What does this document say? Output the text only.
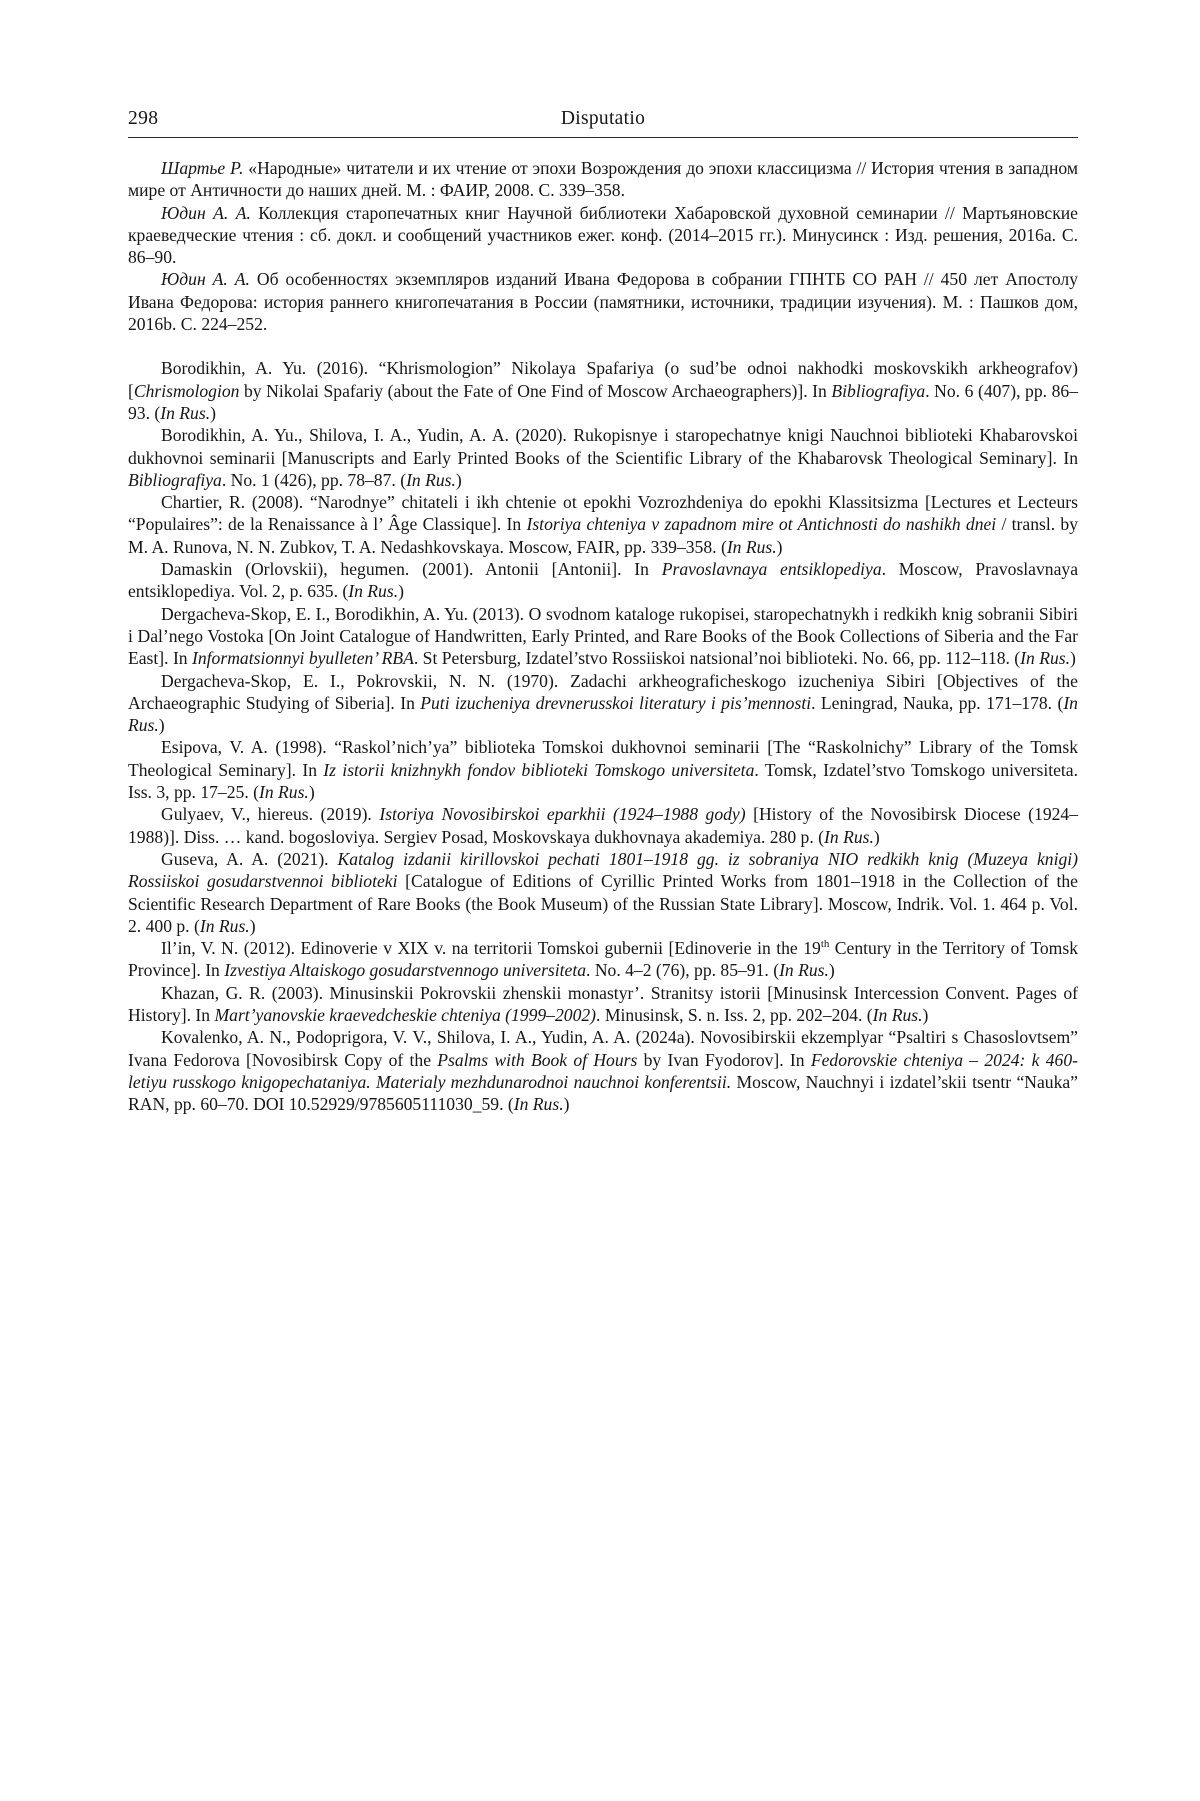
298	Disputatio

Шартье Р. «Народные» читатели и их чтение от эпохи Возрождения до эпохи классицизма // История чтения в западном мире от Античности до наших дней. М. : ФАИР, 2008. С. 339–358.

Юдин А. А. Коллекция старопечатных книг Научной библиотеки Хабаровской духовной семинарии // Мартьяновские краеведческие чтения : сб. докл. и сообщений участников ежег. конф. (2014–2015 гг.). Минусинск : Изд. решения, 2016a. С. 86–90.

Юдин А. А. Об особенностях экземпляров изданий Ивана Федорова в собрании ГПНТБ СО РАН // 450 лет Апостолу Ивана Федорова: история раннего книгопечатания в России (памятники, источники, традиции изучения). М. : Пашков дом, 2016b. С. 224–252.

Borodikhin, A. Yu. (2016). “Khrismologion” Nikolaya Spafariya (o sud’be odnoi nakhodki moskovskikh arkheografov) [Chrismologion by Nikolai Spafariy (about the Fate of One Find of Moscow Archaeographers)]. In Bibliografiya. No. 6 (407), pp. 86–93. (In Rus.)

Borodikhin, A. Yu., Shilova, I. A., Yudin, A. A. (2020). Rukopisnye i staropechatnye knigi Nauchnoi biblioteki Khabarovskoi dukhovnoi seminarii [Manuscripts and Early Printed Books of the Scientific Library of the Khabarovsk Theological Seminary]. In Bibliografiya. No. 1 (426), pp. 78–87. (In Rus.)

Chartier, R. (2008). “Narodnye” chitateli i ikh chtenie ot epokhi Vozrozhdeniya do epokhi Klassitsizma [Lectures et Lecteurs “Populaires”: de la Renaissance à l’ Âge Classique]. In Istoriya chteniya v zapadnom mire ot Antichnosti do nashikh dnei / transl. by M. A. Runova, N. N. Zubkov, T. A. Nedashkovskaya. Moscow, FAIR, pp. 339–358. (In Rus.)

Damaskin (Orlovskii), hegumen. (2001). Antonii [Antonii]. In Pravoslavnaya entsiklopediya. Moscow, Pravoslavnaya entsiklopediya. Vol. 2, p. 635. (In Rus.)

Dergacheva-Skop, E. I., Borodikhin, A. Yu. (2013). O svodnom kataloge rukopisei, staropechatnykh i redkikh knig sobranii Sibiri i Dal’nego Vostoka [On Joint Catalogue of Handwritten, Early Printed, and Rare Books of the Book Collections of Siberia and the Far East]. In Informatsionnyi byulleten’ RBA. St Petersburg, Izdatel’stvo Rossiiskoi natsional’noi biblioteki. No. 66, pp. 112–118. (In Rus.)

Dergacheva-Skop, E. I., Pokrovskii, N. N. (1970). Zadachi arkheograficheskogo izucheniya Sibiri [Objectives of the Archaeographic Studying of Siberia]. In Puti izucheniya drevnerusskoi literatury i pis’mennosti. Leningrad, Nauka, pp. 171–178. (In Rus.)

Esipova, V. A. (1998). “Raskol’nich’ya” biblioteka Tomskoi dukhovnoi seminarii [The “Raskolnichy” Library of the Tomsk Theological Seminary]. In Iz istorii knizhnykh fondov biblioteki Tomskogo universiteta. Tomsk, Izdatel’stvo Tomskogo universiteta. Iss. 3, pp. 17–25. (In Rus.)

Gulyaev, V., hiereus. (2019). Istoriya Novosibirskoi eparkhii (1924–1988 gody) [History of the Novosibirsk Diocese (1924–1988)]. Diss. … kand. bogosloviya. Sergiev Posad, Moskovskaya dukhovnaya akademiya. 280 p. (In Rus.)

Guseva, A. A. (2021). Katalog izdanii kirillovskoi pechati 1801–1918 gg. iz sobraniya NIO redkikh knig (Muzeya knigi) Rossiiskoi gosudarstvennoi biblioteki [Catalogue of Editions of Cyrillic Printed Works from 1801–1918 in the Collection of the Scientific Research Department of Rare Books (the Book Museum) of the Russian State Library]. Moscow, Indrik. Vol. 1. 464 p. Vol. 2. 400 p. (In Rus.)

Il’in, V. N. (2012). Edinoverie v XIX v. na territorii Tomskoi gubernii [Edinoverie in the 19th Century in the Territory of Tomsk Province]. In Izvestiya Altaiskogo gosudarstvennogo universiteta. No. 4–2 (76), pp. 85–91. (In Rus.)

Khazan, G. R. (2003). Minusinskii Pokrovskii zhenskii monastyr’. Stranitsy istorii [Minusinsk Intercession Convent. Pages of History]. In Mart’yanovskie kraevedcheskie chteniya (1999–2002). Minusinsk, S. n. Iss. 2, pp. 202–204. (In Rus.)

Kovalenko, A. N., Podoprigora, V. V., Shilova, I. A., Yudin, A. A. (2024a). Novosibirskii ekzemplyar “Psaltiri s Chasoslovtsem” Ivana Fedorova [Novosibirsk Copy of the Psalms with Book of Hours by Ivan Fyodorov]. In Fedorovskie chteniya – 2024: k 460-letiyu russkogo knigopechataniya. Materialy mezhdunarodnoi nauchnoi konferentsii. Moscow, Nauchnyi i izdatel’skii tsentr “Nauka” RAN, pp. 60–70. DOI 10.52929/9785605111030_59. (In Rus.)
